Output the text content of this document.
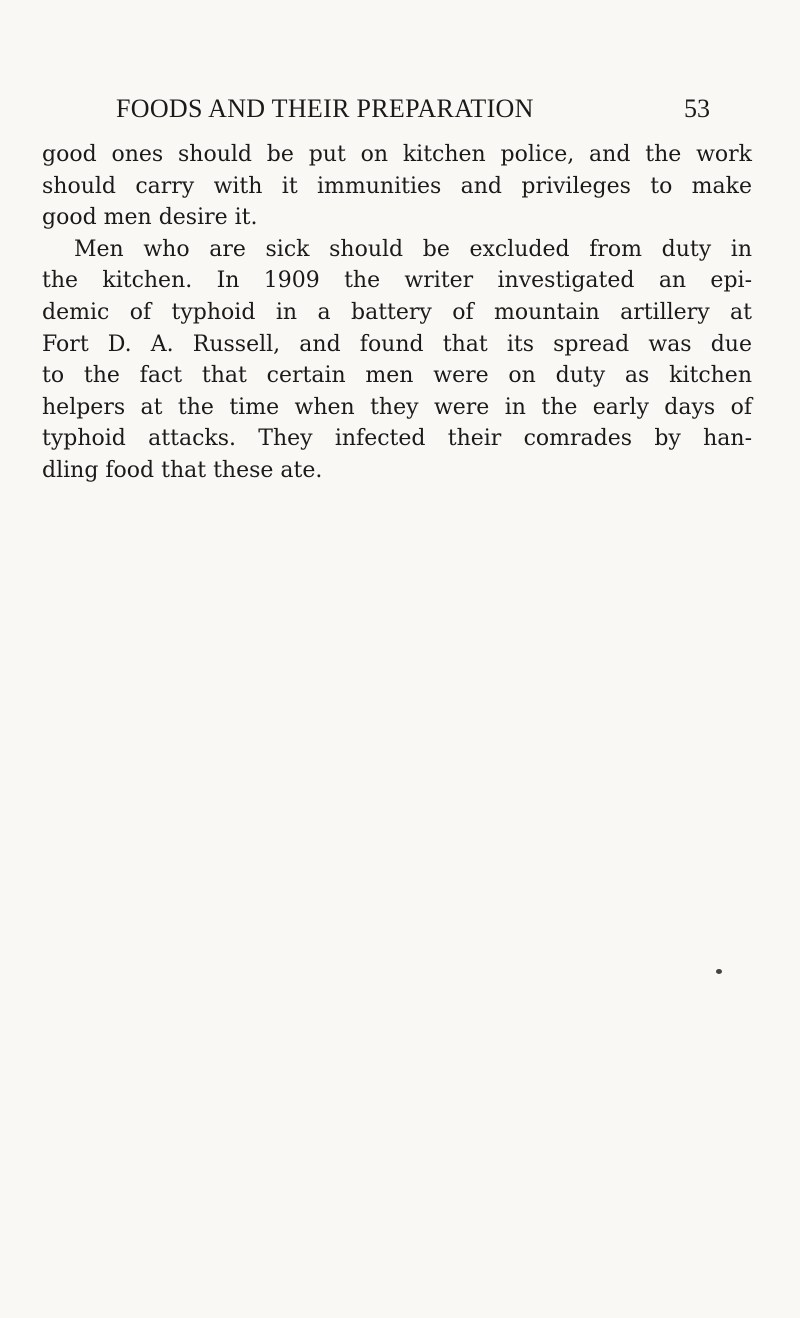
FOODS AND THEIR PREPARATION	53
good ones should be put on kitchen police, and the work
should carry with it immunities and privileges to make
good men desire it.
Men who are sick should be excluded from duty in
the kitchen. In 1909 the writer investigated an epi-
demic of typhoid in a battery of mountain artillery at
Fort D. A. Russell, and found that its spread was due
to the fact that certain men were on duty as kitchen
helpers at the time when they were in the early days of
typhoid attacks. They infected their comrades by han-
dling food that these ate.
